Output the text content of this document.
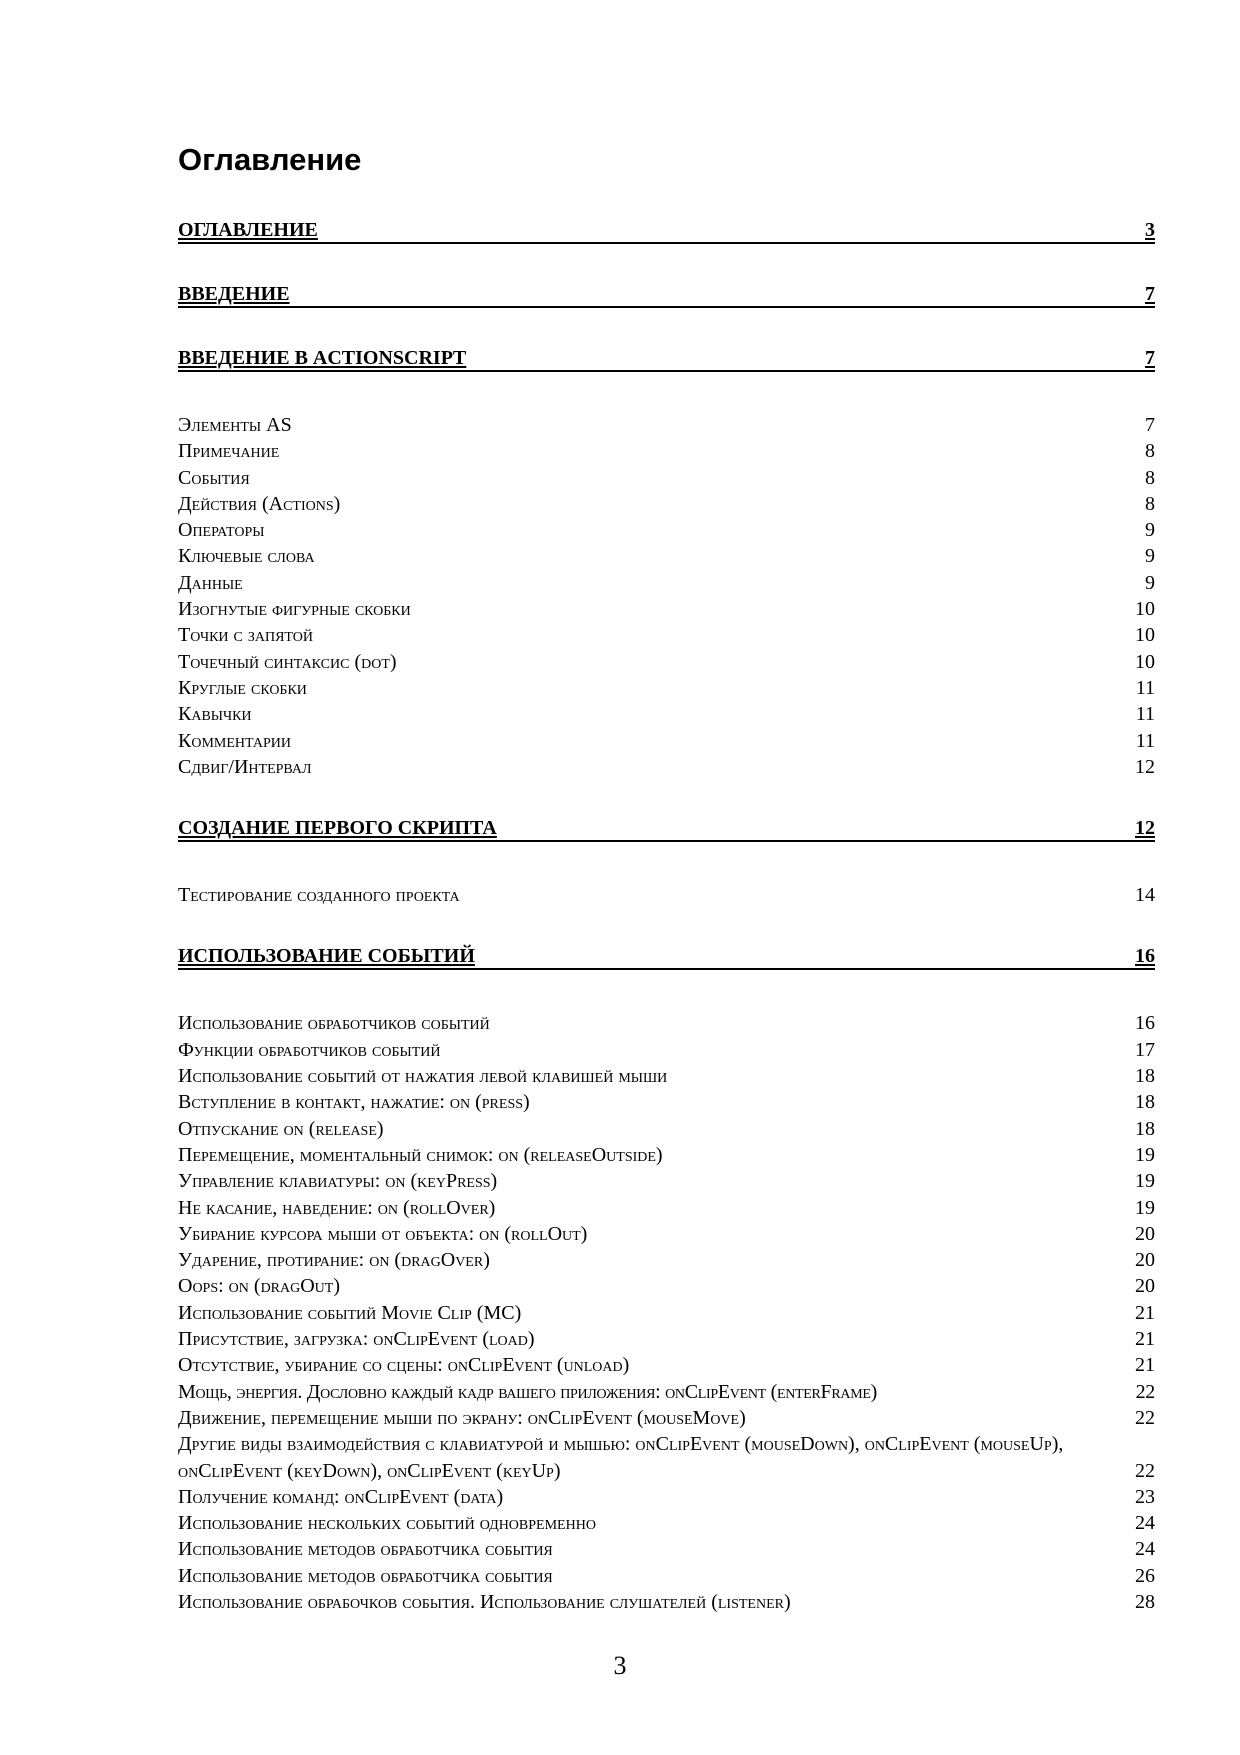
Оглавление
ОГЛАВЛЕНИЕ	3
ВВЕДЕНИЕ	7
ВВЕДЕНИЕ В ACTIONSCRIPT	7
Элементы AS	7
Примечание	8
События	8
Действия (Actions)	8
Операторы	9
Ключевые слова	9
Данные	9
Изогнутые фигурные скобки	10
Точки с запятой	10
Точечный синтаксис (dot)	10
Круглые скобки	11
Кавычки	11
Комментарии	11
Сдвиг/Интервал	12
СОЗДАНИЕ ПЕРВОГО СКРИПТА	12
Тестирование созданного проекта	14
ИСПОЛЬЗОВАНИЕ СОБЫТИЙ	16
Использование обработчиков событий	16
Функции обработчиков событий	17
Использование событий от нажатия левой клавишей мыши	18
Вступление в контакт, нажатие: on (press)	18
Отпускание on (release)	18
Перемещение, моментальный снимок: on (releaseOutside)	19
Управление клавиатуры: on (keyPress)	19
Не касание, наведение: on (rollOver)	19
Убирание курсора мыши от объекта: on (rollOut)	20
Ударение, протирание: on (dragOver)	20
Oops: on (dragOut)	20
Использование событий Movie Clip (MC)	21
Присутствие, загрузка: onClipEvent (load)	21
Отсутствие, убирание со сцены: onClipEvent (unload)	21
Мощь, энергия. Дословно каждый кадр вашего приложения: onClipEvent (enterFrame)	22
Движение, перемещение мыши по экрану: onClipEvent (mouseMove)	22
Другие виды взаимодействия с клавиатурой и мышью: onClipEvent (mouseDown), onClipEvent (mouseUp), onClipEvent (keyDown), onClipEvent (keyUp)	22
Получение команд: onClipEvent (data)	23
Использование нескольких событий одновременно	24
Использование методов обработчика события	24
Использование методов обработчика события	26
Использование обрабочков события. Использование слушателей (listener)	28
3
